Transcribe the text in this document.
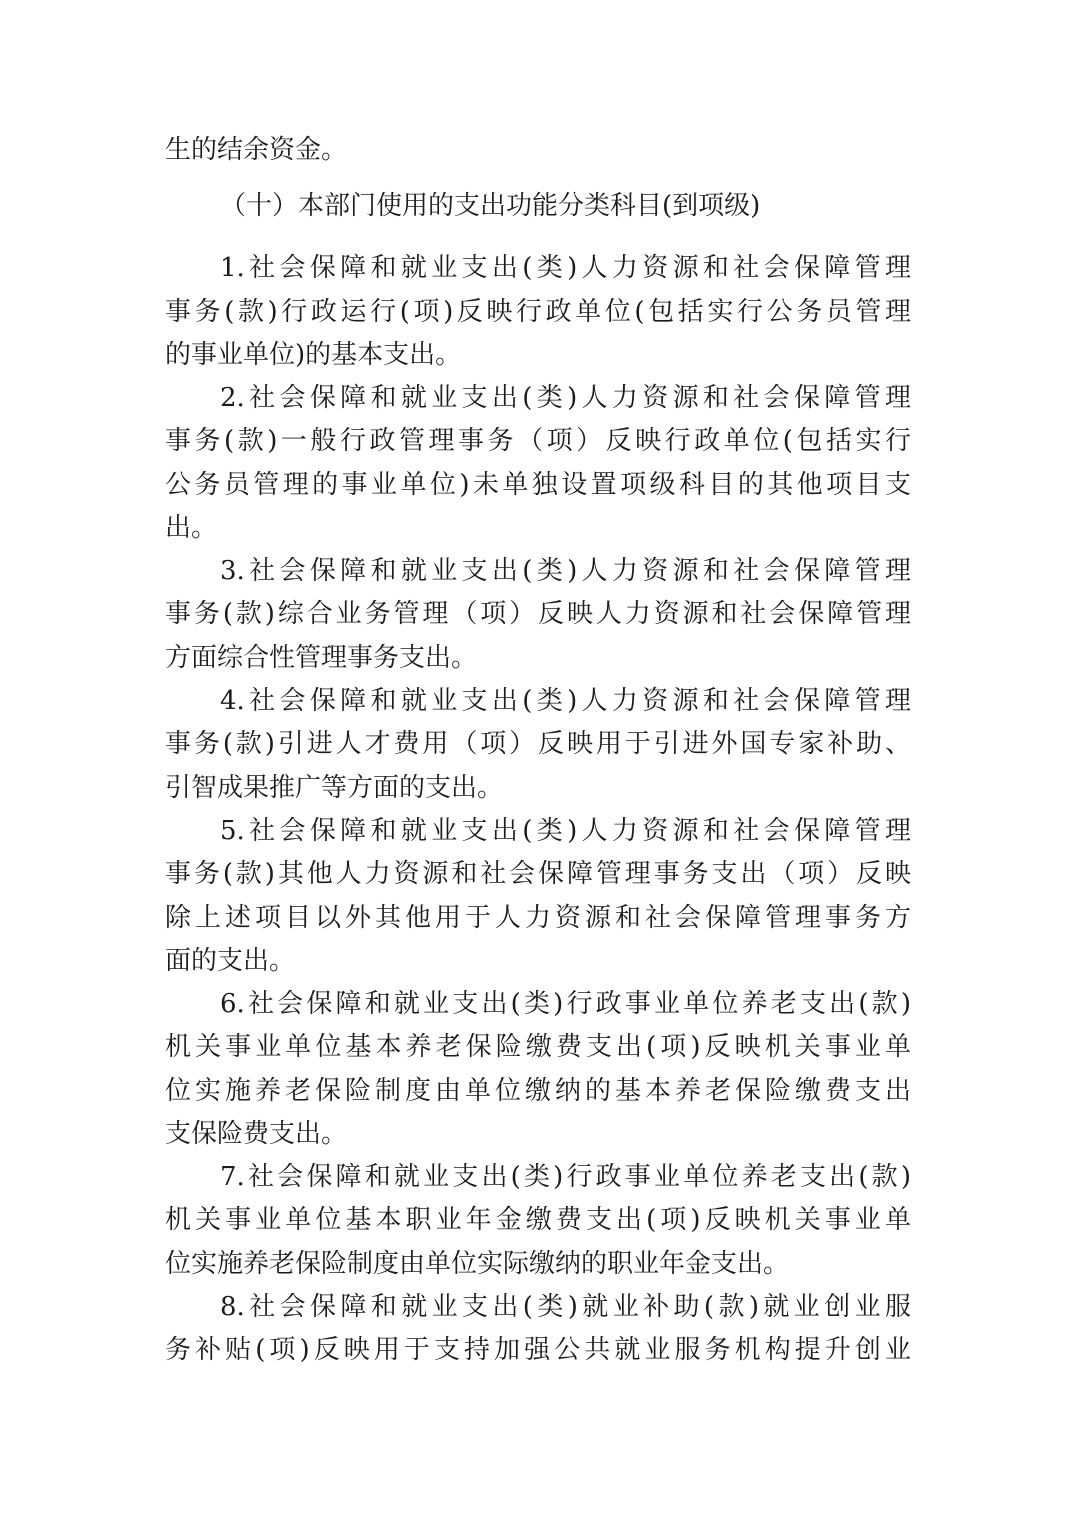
生的结余资金。
（十）本部门使用的支出功能分类科目(到项级)
1.社会保障和就业支出(类)人力资源和社会保障管理
事务(款)行政运行(项)反映行政单位(包括实行公务员管理
的事业单位)的基本支出。
2.社会保障和就业支出(类)人力资源和社会保障管理
事务(款)一般行政管理事务（项）反映行政单位(包括实行
公务员管理的事业单位)未单独设置项级科目的其他项目支
出。
3.社会保障和就业支出(类)人力资源和社会保障管理
事务(款)综合业务管理（项）反映人力资源和社会保障管理
方面综合性管理事务支出。
4.社会保障和就业支出(类)人力资源和社会保障管理
事务(款)引进人才费用（项）反映用于引进外国专家补助、
引智成果推广等方面的支出。
5.社会保障和就业支出(类)人力资源和社会保障管理
事务(款)其他人力资源和社会保障管理事务支出（项）反映
除上述项目以外其他用于人力资源和社会保障管理事务方
面的支出。
6.社会保障和就业支出(类)行政事业单位养老支出(款)
机关事业单位基本养老保险缴费支出(项)反映机关事业单
位实施养老保险制度由单位缴纳的基本养老保险缴费支出
支保险费支出。
7.社会保障和就业支出(类)行政事业单位养老支出(款)
机关事业单位基本职业年金缴费支出(项)反映机关事业单
位实施养老保险制度由单位实际缴纳的职业年金支出。
8.社会保障和就业支出(类)就业补助(款)就业创业服
务补贴(项)反映用于支持加强公共就业服务机构提升创业
